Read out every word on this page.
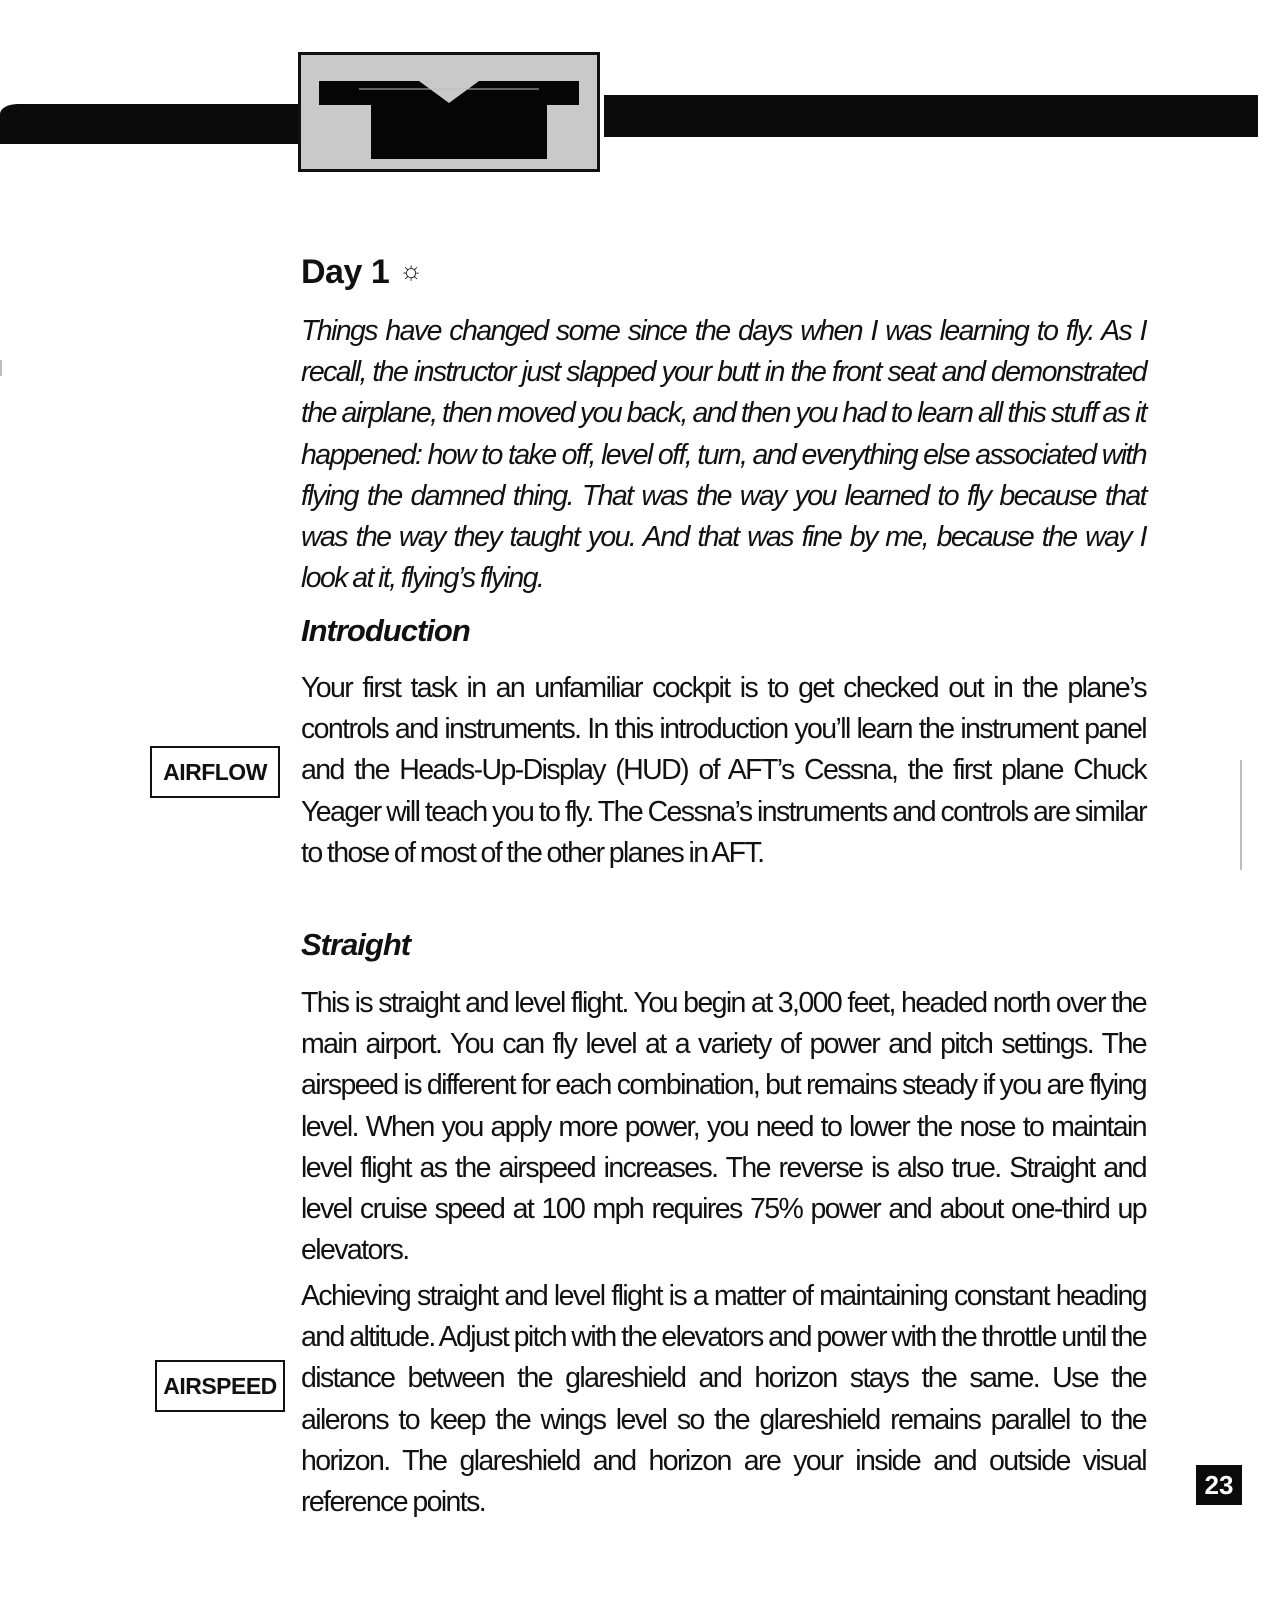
Day 1 ☼

Things have changed some since the days when I was learning to fly. As I recall, the instructor just slapped your butt in the front seat and demonstrated the airplane, then moved you back, and then you had to learn all this stuff as it happened: how to take off, level off, turn, and everything else associated with flying the damned thing. That was the way you learned to fly because that was the way they taught you. And that was fine by me, because the way I look at it, flying’s flying.

Introduction

Your first task in an unfamiliar cockpit is to get checked out in the plane’s controls and instruments. In this introduction you’ll learn the instrument panel and the Heads-Up-Display (HUD) of AFT’s Cessna, the first plane Chuck Yeager will teach you to fly. The Cessna’s instruments and controls are similar to those of most of the other planes in AFT.

Straight

This is straight and level flight. You begin at 3,000 feet, headed north over the main airport. You can fly level at a variety of power and pitch settings. The airspeed is different for each combination, but remains steady if you are flying level. When you apply more power, you need to lower the nose to maintain level flight as the airspeed increases. The reverse is also true. Straight and level cruise speed at 100 mph requires 75% power and about one-third up elevators.

Achieving straight and level flight is a matter of maintaining constant heading and altitude. Adjust pitch with the elevators and power with the throttle until the distance between the glareshield and horizon stays the same. Use the ailerons to keep the wings level so the glareshield remains parallel to the horizon. The glareshield and horizon are your inside and outside visual reference points.

AIRFLOW
AIRSPEED
23
